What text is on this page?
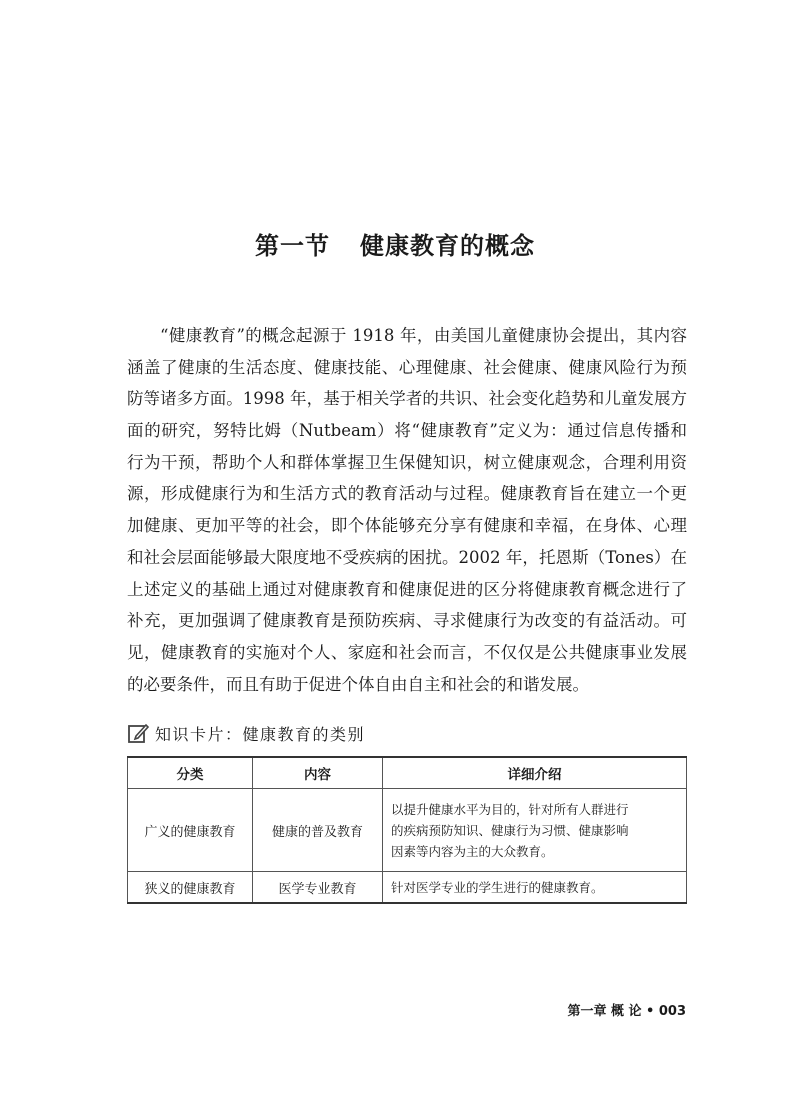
第一节 健康教育的概念

“健康教育”的概念起源于 1918 年，由美国儿童健康协会提出，其内容
涵盖了健康的生活态度、健康技能、心理健康、社会健康、健康风险行为预
防等诸多方面。1998 年，基于相关学者的共识、社会变化趋势和儿童发展方
面的研究，努特比姆（Nutbeam）将“健康教育”定义为：通过信息传播和
行为干预，帮助个人和群体掌握卫生保健知识，树立健康观念，合理利用资
源，形成健康行为和生活方式的教育活动与过程。健康教育旨在建立一个更
加健康、更加平等的社会，即个体能够充分享有健康和幸福，在身体、心理
和社会层面能够最大限度地不受疾病的困扰。2002 年，托恩斯（Tones）在
上述定义的基础上通过对健康教育和健康促进的区分将健康教育概念进行了
补充，更加强调了健康教育是预防疾病、寻求健康行为改变的有益活动。可
见，健康教育的实施对个人、家庭和社会而言，不仅仅是公共健康事业发展
的必要条件，而且有助于促进个体自由自主和社会的和谐发展。

知识卡片：健康教育的类别
分类	内容	详细介绍
广义的健康教育	健康的普及教育	以提升健康水平为目的，针对所有人群进行
的疾病预防知识、健康行为习惯、健康影响
因素等内容为主的大众教育。

狭义的健康教育	医学专业教育	针对医学专业的学生进行的健康教育。
第一章 概 论 • 003
